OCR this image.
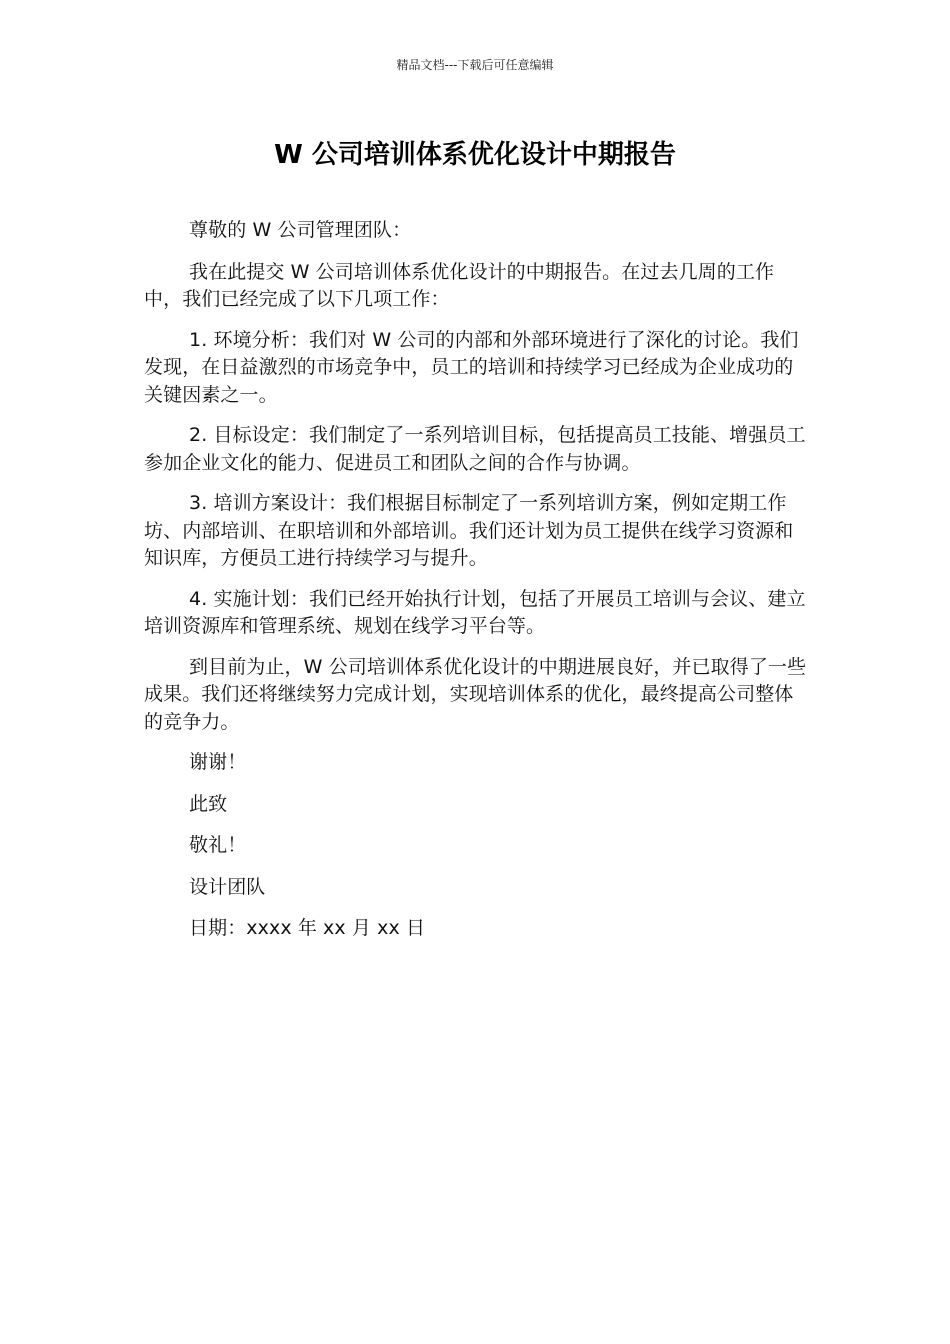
精品文档---下载后可任意编辑
W 公司培训体系优化设计中期报告

尊敬的 W 公司管理团队：

我在此提交 W 公司培训体系优化设计的中期报告。在过去几周的工作中，我们已经完成了以下几项工作：

1. 环境分析：我们对 W 公司的内部和外部环境进行了深化的讨论。我们发现，在日益激烈的市场竞争中，员工的培训和持续学习已经成为企业成功的关键因素之一。

2. 目标设定：我们制定了一系列培训目标，包括提高员工技能、增强员工参加企业文化的能力、促进员工和团队之间的合作与协调。

3. 培训方案设计：我们根据目标制定了一系列培训方案，例如定期工作坊、内部培训、在职培训和外部培训。我们还计划为员工提供在线学习资源和知识库，方便员工进行持续学习与提升。

4. 实施计划：我们已经开始执行计划，包括了开展员工培训与会议、建立培训资源库和管理系统、规划在线学习平台等。

到目前为止，W 公司培训体系优化设计的中期进展良好，并已取得了一些成果。我们还将继续努力完成计划，实现培训体系的优化，最终提高公司整体的竞争力。

谢谢！

此致

敬礼！

设计团队

日期：xxxx 年 xx 月 xx 日
